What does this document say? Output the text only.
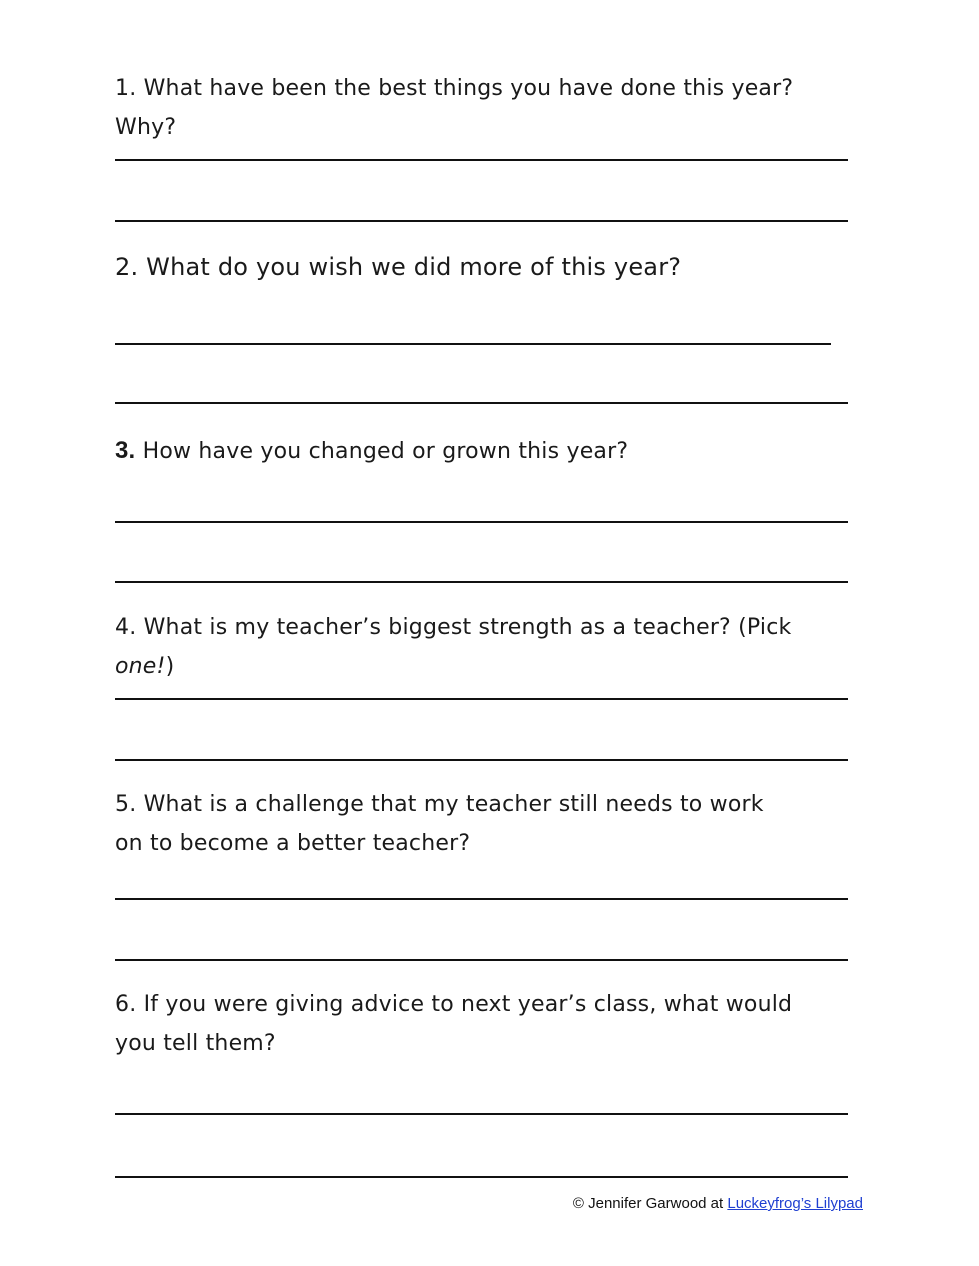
1. What have been the best things you have done this year? Why?

2. What do you wish we did more of this year?

3. How have you changed or grown this year?

4. What is my teacher’s biggest strength as a teacher? (Pick one!)

5. What is a challenge that my teacher still needs to work on to become a better teacher?

6. If you were giving advice to next year’s class, what would you tell them?

© Jennifer Garwood at Luckeyfrog’s Lilypad
